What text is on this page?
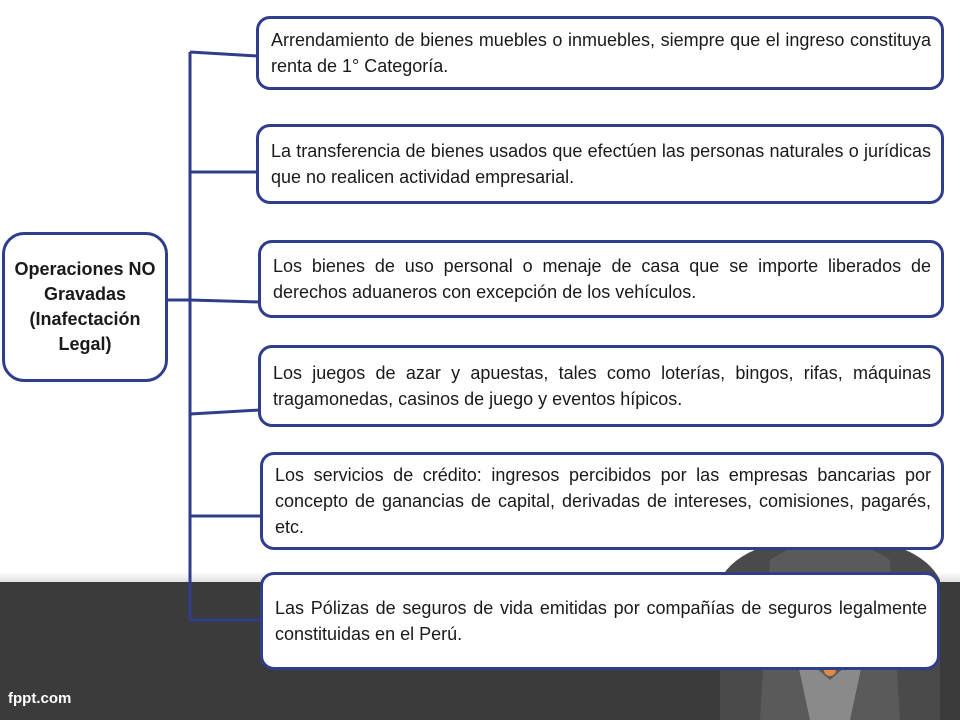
fppt.com
Operaciones NO Gravadas (Inafectación Legal)

Arrendamiento de bienes muebles o inmuebles, siempre que el ingreso constituya renta de 1° Categoría.

La transferencia de bienes usados que efectúen las personas naturales o jurídicas que no realicen actividad empresarial.

Los bienes de uso personal o menaje de casa que se importe liberados de derechos aduaneros con excepción de los vehículos.

Los juegos de azar y apuestas, tales como loterías, bingos, rifas, máquinas tragamonedas, casinos de juego y eventos hípicos.

Los servicios de crédito: ingresos percibidos por las empresas bancarias por concepto de ganancias de capital, derivadas de intereses, comisiones, pagarés, etc.

Las Pólizas de seguros de vida emitidas por compañías de seguros legalmente constituidas en el Perú.
